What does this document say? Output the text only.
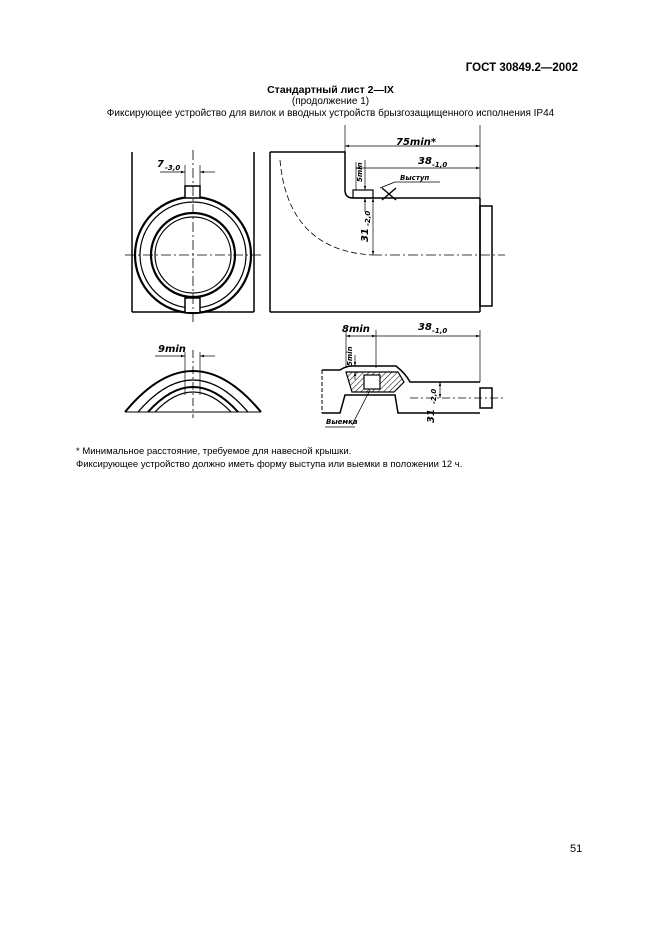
ГОСТ 30849.2—2002
Стандартный лист 2—IX
(продолжение 1)
Фиксирующее устройство для вилок и вводных устройств брызгозащищенного исполнения IP44
7 -3,0
75min*
38 -1,0
5min	Выступ
31
-2,0
9min
8min	38 -1,0
5min
31
-2,0
Выемка
* Минимальное расстояние, требуемое для навесной крышки.
Фиксирующее устройство должно иметь форму выступа или выемки в положении 12 ч.
51
